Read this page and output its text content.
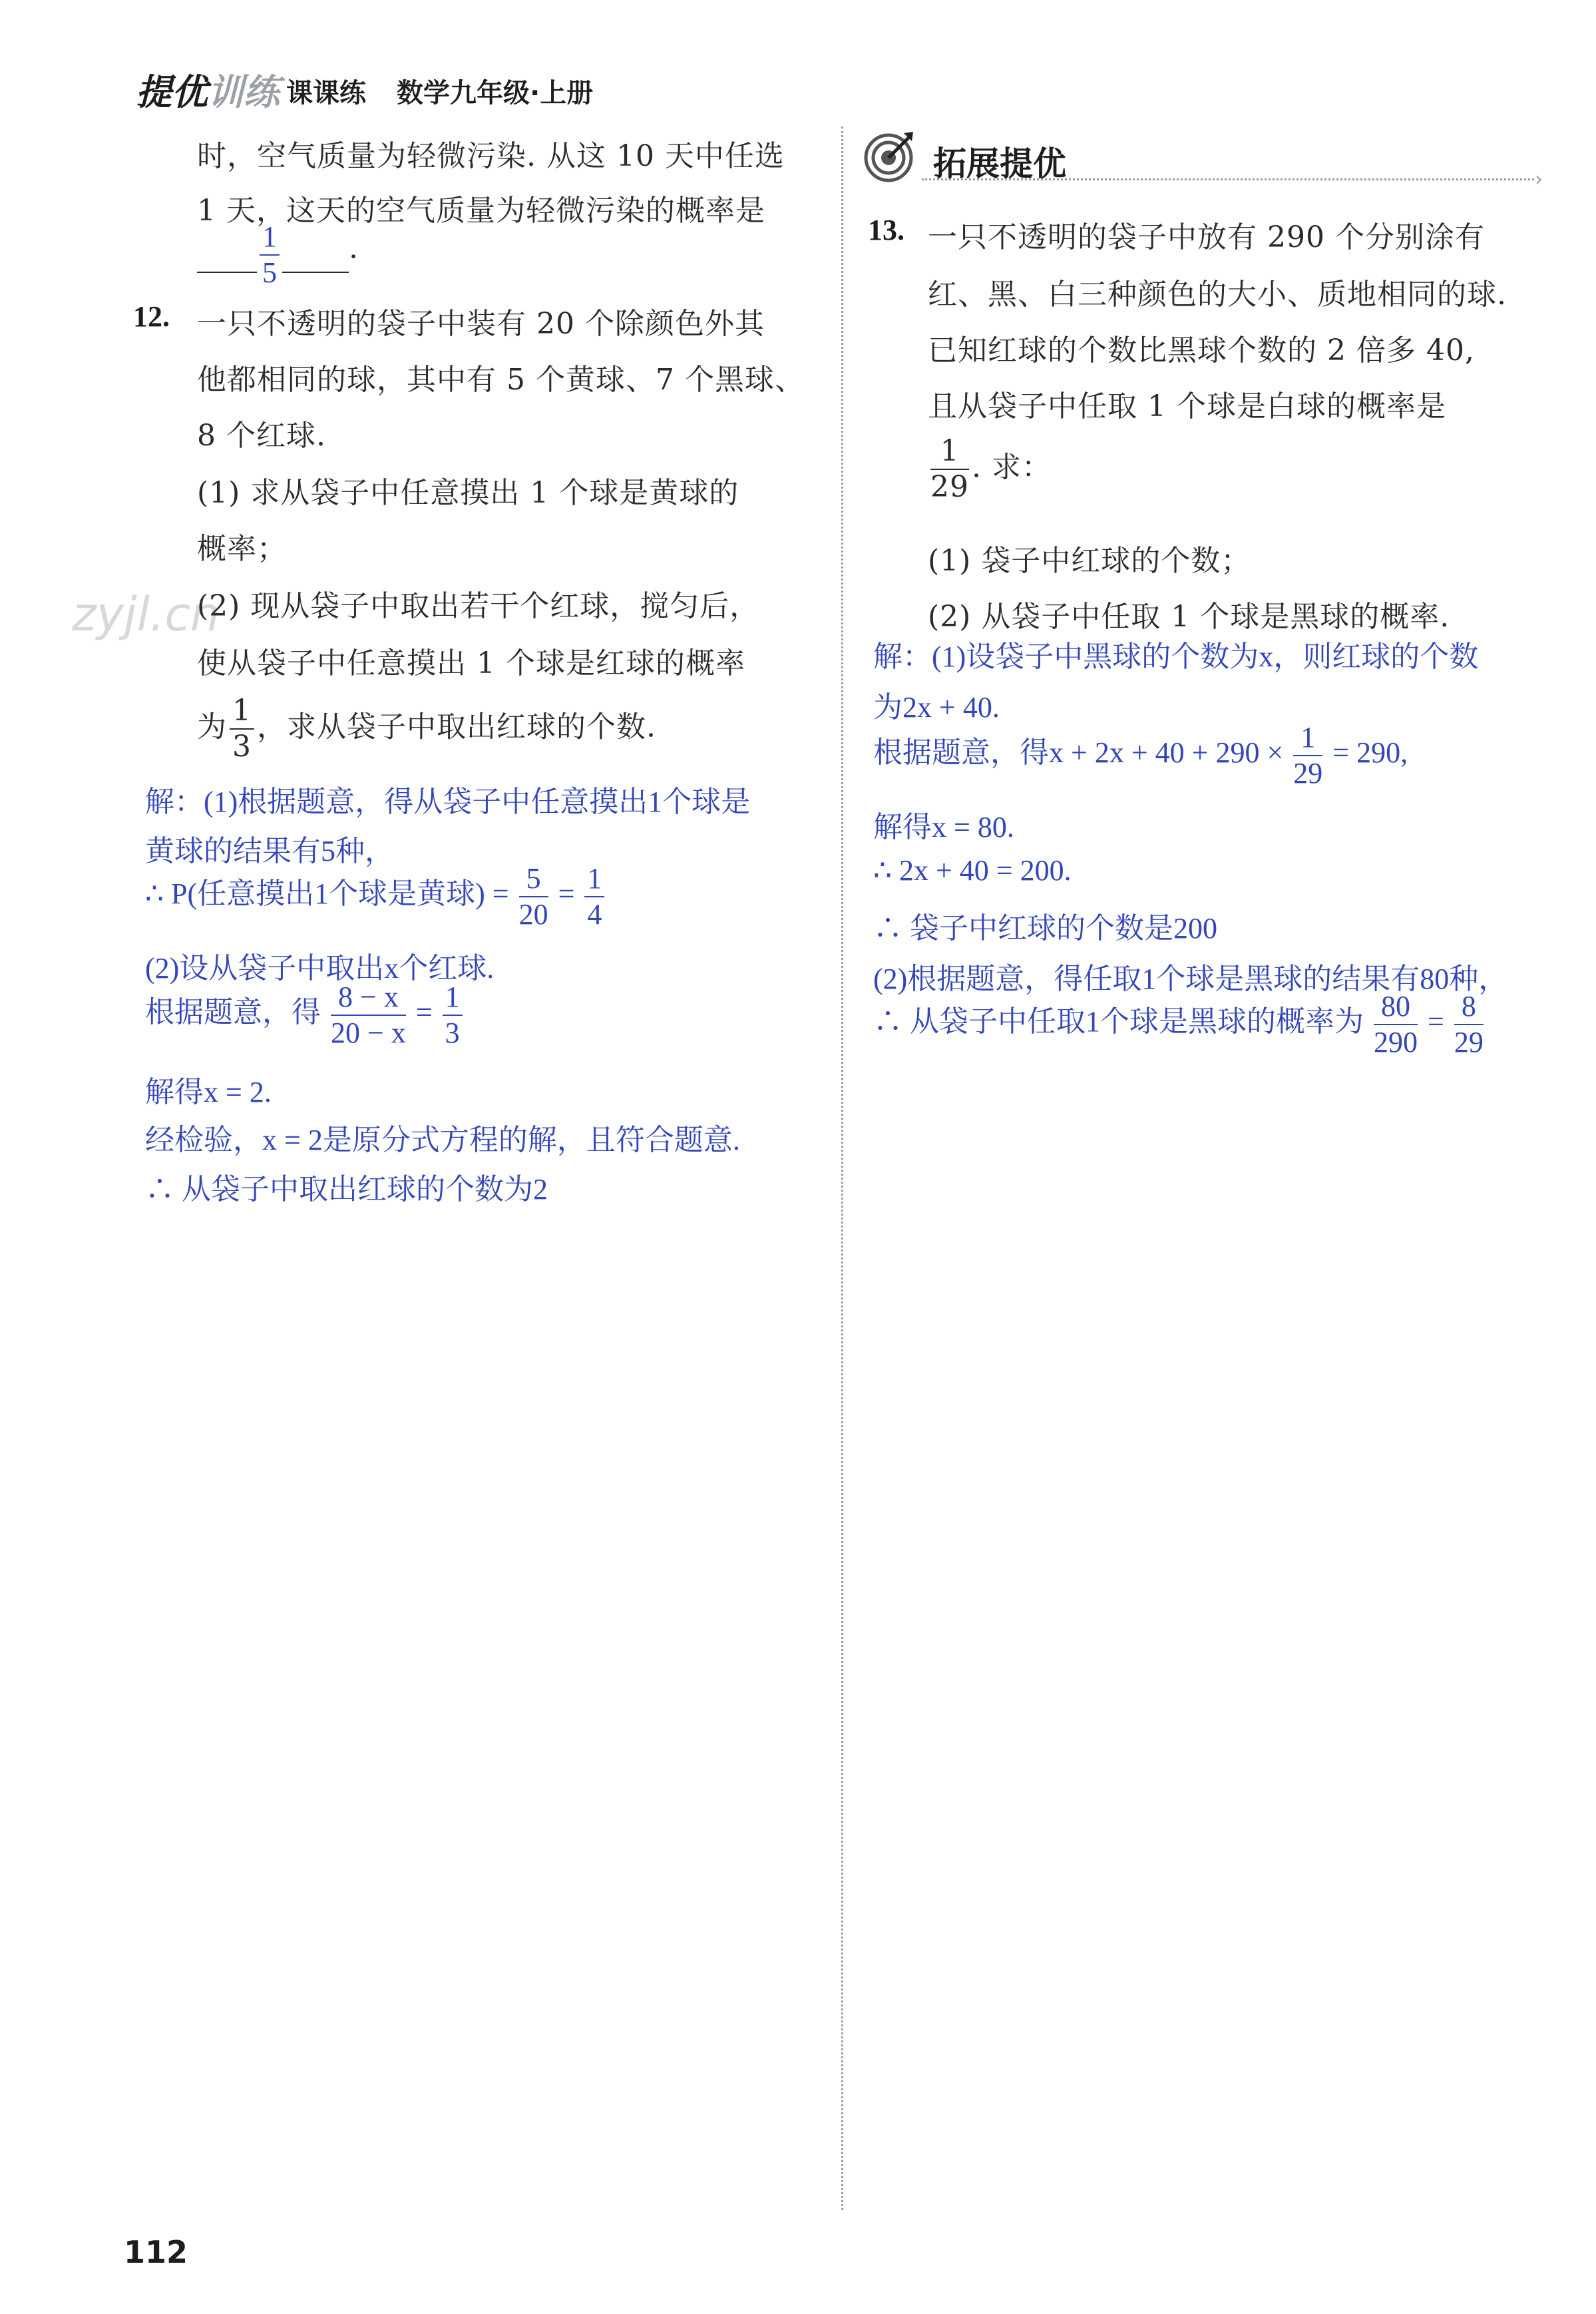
提优训练 课课练 数学九年级·上册
zyjl.cn
时，空气质量为轻微污染. 从这 10 天中任选
1 天，这天的空气质量为轻微污染的概率是
$\frac{1}{5}$ .
12. 一只不透明的袋子中装有 20 个除颜色外其
他都相同的球，其中有 5 个黄球、7 个黑球、
8 个红球.
(1) 求从袋子中任意摸出 1 个球是黄球的
概率；
(2) 现从袋子中取出若干个红球，搅匀后，
使从袋子中任意摸出 1 个球是红球的概率
为 $\frac{1}{3}$ ，求从袋子中取出红球的个数.
解：(1)根据题意，得从袋子中任意摸出1个球是
黄球的结果有5种，
∴ P(任意摸出1个球是黄球) = $\frac{5}{20} = \frac{1}{4}$
(2)设从袋子中取出x个红球.
根据题意，得 $\frac{8 - x}{20 - x} = \frac{1}{3}$
解得x = 2.
经检验，x = 2是原分式方程的解，且符合题意.
∴ 从袋子中取出红球的个数为2
拓展提优	›
13. 一只不透明的袋子中放有 290 个分别涂有
红、黑、白三种颜色的大小、质地相同的球.
已知红球的个数比黑球个数的 2 倍多 40,
且从袋子中任取 1 个球是白球的概率是
$\frac{1}{29}$ . 求：
(1) 袋子中红球的个数；
(2) 从袋子中任取 1 个球是黑球的概率.
解：(1)设袋子中黑球的个数为x，则红球的个数
为2x + 40.
根据题意，得$x + 2x + 40 + 290 \times \frac{1}{29} = 290$,
解得x = 80.
∴ 2x + 40 = 200.
∴ 袋子中红球的个数是200
(2)根据题意，得任取1个球是黑球的结果有80种，
∴ 从袋子中任取1个球是黑球的概率为 $\frac{80}{290} = \frac{8}{29}$
112
